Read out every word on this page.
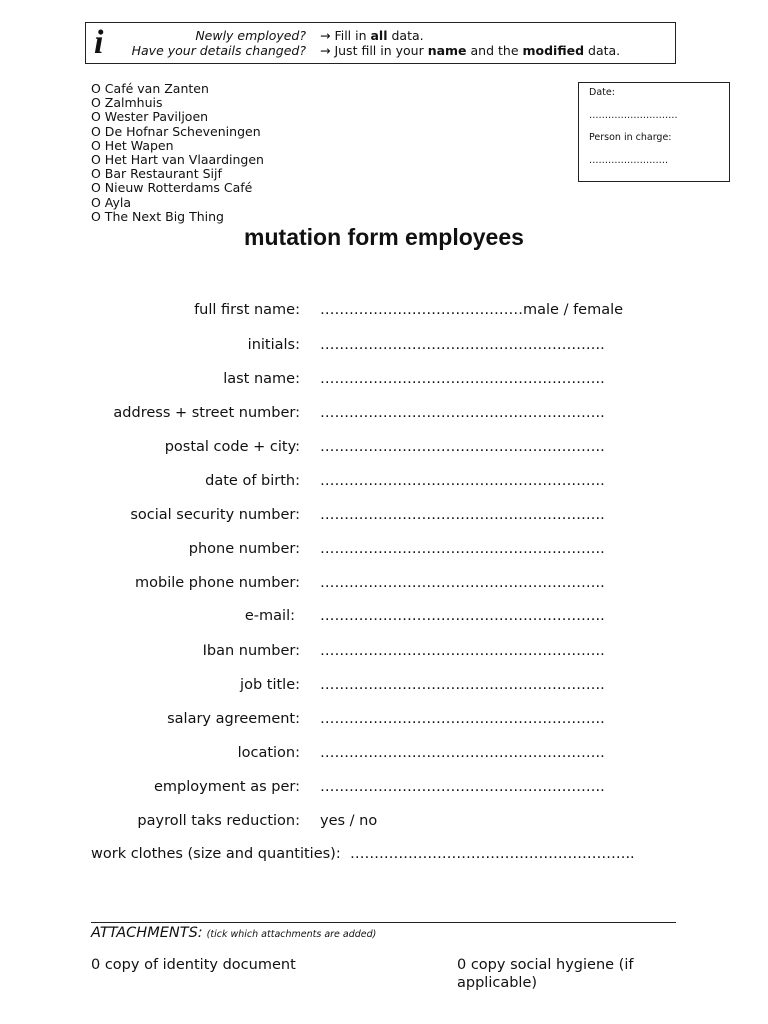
i	Newly employed? → Fill in all data.
Have your details changed? → Just fill in your name and the modified data.
O Café van Zanten
O Zalmhuis
O Wester Paviljoen
O De Hofnar Scheveningen
O Het Wapen
O Het Hart van Vlaardingen
O Bar Restaurant Sijf
O Nieuw Rotterdams Café
O Ayla
O The Next Big Thing
Date:
……………………….
Person in charge:
…………………….
mutation form employees
full first name: ……………………………………male / female
initials: …………………………………………………..
last name: …………………………………………………..
address + street number: …………………………………………………..
postal code + city: …………………………………………………..
date of birth: …………………………………………………..
social security number: …………………………………………………..
phone number: …………………………………………………..
mobile phone number: …………………………………………………..
e-mail: …………………………………………………..
Iban number: …………………………………………………..
job title: …………………………………………………..
salary agreement: …………………………………………………..
location: …………………………………………………..
employment as per: …………………………………………………..
payroll taks reduction: yes / no
work clothes (size and quantities): …………………………………………………..
ATTACHMENTS: (tick which attachments are added)
0 copy of identity document	0 copy social hygiene (if applicable)
